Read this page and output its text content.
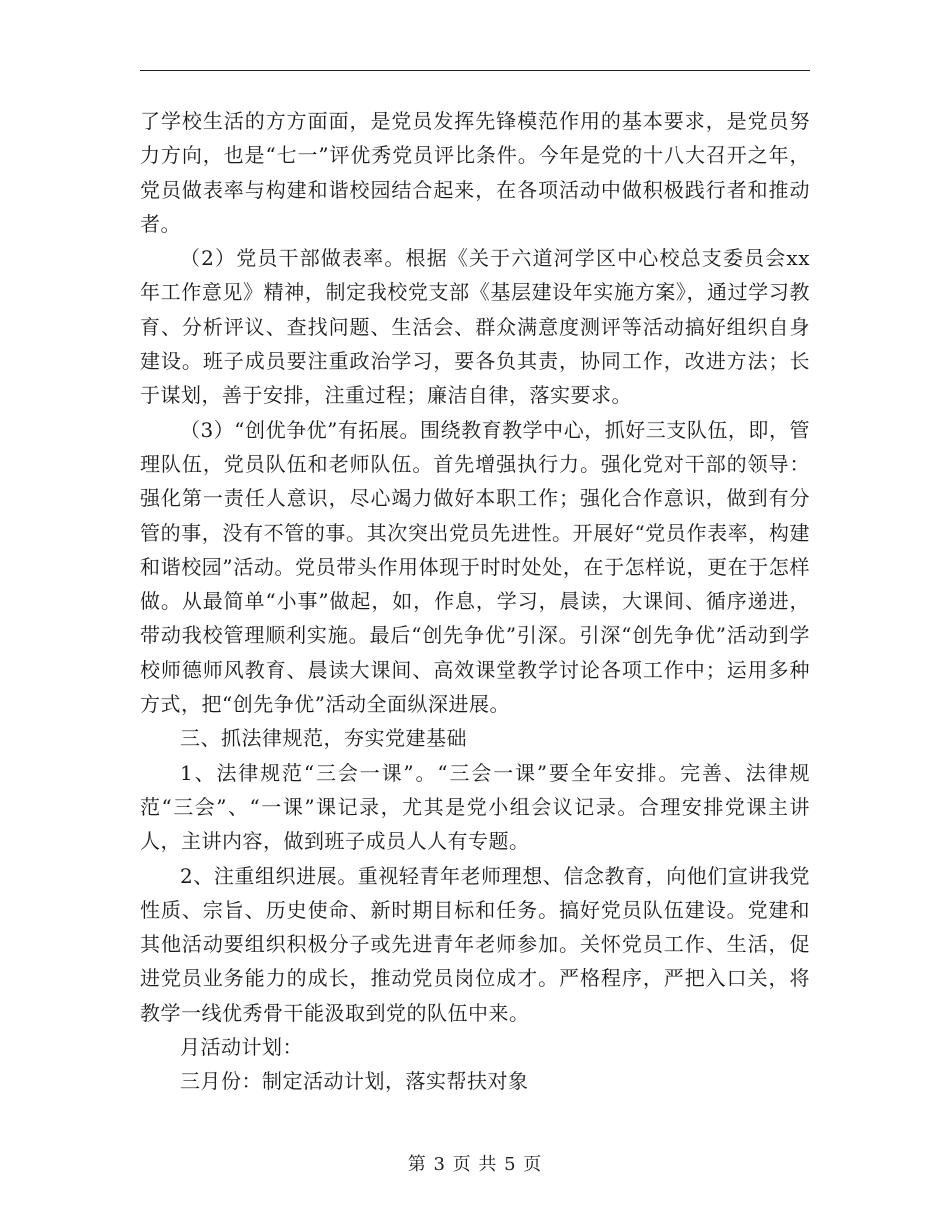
了学校生活的方方面面，是党员发挥先锋模范作用的基本要求，是党员努力方向，也是“七一”评优秀党员评比条件。今年是党的十八大召开之年，党员做表率与构建和谐校园结合起来，在各项活动中做积极践行者和推动者。

（2）党员干部做表率。根据《关于六道河学区中心校总支委员会xx年工作意见》精神，制定我校党支部《基层建设年实施方案》，通过学习教育、分析评议、查找问题、生活会、群众满意度测评等活动搞好组织自身建设。班子成员要注重政治学习，要各负其责，协同工作，改进方法；长于谋划，善于安排，注重过程；廉洁自律，落实要求。

（3）“创优争优”有拓展。围绕教育教学中心，抓好三支队伍，即，管理队伍，党员队伍和老师队伍。首先增强执行力。强化党对干部的领导：强化第一责任人意识，尽心竭力做好本职工作；强化合作意识，做到有分管的事，没有不管的事。其次突出党员先进性。开展好“党员作表率，构建和谐校园”活动。党员带头作用体现于时时处处，在于怎样说，更在于怎样做。从最简单“小事”做起，如，作息，学习，晨读，大课间、循序递进，带动我校管理顺利实施。最后“创先争优”引深。引深“创先争优”活动到学校师德师风教育、晨读大课间、高效课堂教学讨论各项工作中；运用多种方式，把“创先争优”活动全面纵深进展。

三、抓法律规范，夯实党建基础

1、法律规范“三会一课”。“三会一课”要全年安排。完善、法律规范“三会”、“一课”课记录，尤其是党小组会议记录。合理安排党课主讲人，主讲内容，做到班子成员人人有专题。

2、注重组织进展。重视轻青年老师理想、信念教育，向他们宣讲我党性质、宗旨、历史使命、新时期目标和任务。搞好党员队伍建设。党建和其他活动要组织积极分子或先进青年老师参加。关怀党员工作、生活，促进党员业务能力的成长，推动党员岗位成才。严格程序，严把入口关，将教学一线优秀骨干能汲取到党的队伍中来。

月活动计划：

三月份：制定活动计划，落实帮扶对象

第 3 页 共 5 页
